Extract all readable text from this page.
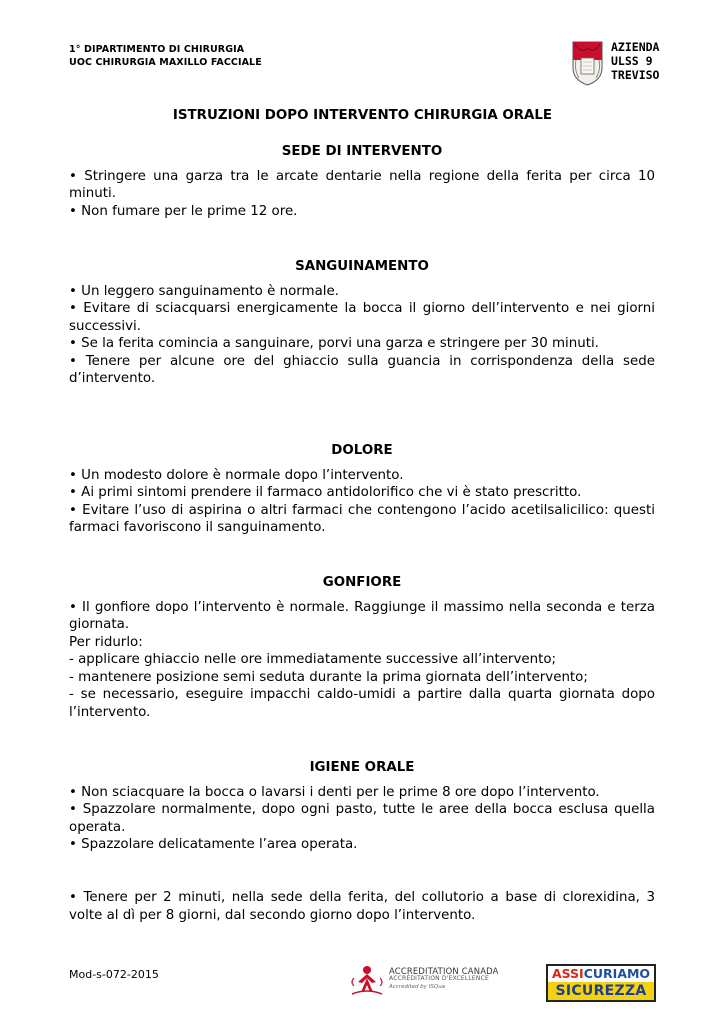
1° DIPARTIMENTO DI CHIRURGIA
UOC CHIRURGIA MAXILLO FACCIALE
AZIENDA
ULSS 9
TREVISO
ISTRUZIONI DOPO INTERVENTO CHIRURGIA ORALE
SEDE DI INTERVENTO

• Stringere una garza tra le arcate dentarie nella regione della ferita per circa 10 minuti.

• Non fumare per le prime 12 ore.

SANGUINAMENTO

• Un leggero sanguinamento è normale.

• Evitare di sciacquarsi energicamente la bocca il giorno dell’intervento e nei giorni successivi.

• Se la ferita comincia a sanguinare, porvi una garza e stringere per 30 minuti.

• Tenere per alcune ore del ghiaccio sulla guancia in corrispondenza della sede d’intervento.

DOLORE

• Un modesto dolore è normale dopo l’intervento.

• Ai primi sintomi prendere il farmaco antidolorifico che vi è stato prescritto.

• Evitare l’uso di aspirina o altri farmaci che contengono l’acido acetilsalicilico: questi farmaci favoriscono il sanguinamento.

GONFIORE

• Il gonfiore dopo l’intervento è normale. Raggiunge il massimo nella seconda e terza giornata.

Per ridurlo:

- applicare ghiaccio nelle ore immediatamente successive all’intervento;

- mantenere posizione semi seduta durante la prima giornata dell’intervento;

- se necessario, eseguire impacchi caldo-umidi a partire dalla quarta giornata dopo l’intervento.

IGIENE ORALE

• Non sciacquare la bocca o lavarsi i denti per le prime 8 ore dopo l’intervento.

• Spazzolare normalmente, dopo ogni pasto, tutte le aree della bocca esclusa quella operata.

• Spazzolare delicatamente l’area operata.

• Tenere per 2 minuti, nella sede della ferita, del collutorio a base di clorexidina, 3 volte al dì per 8 giorni, dal secondo giorno dopo l’intervento.

Mod-s-072-2015	ACCREDITATION CANADA
ACCRÉDITATION D'EXCELLENCE
Accredited by ISQua
ASSICURIAMO
SICUREZZA
